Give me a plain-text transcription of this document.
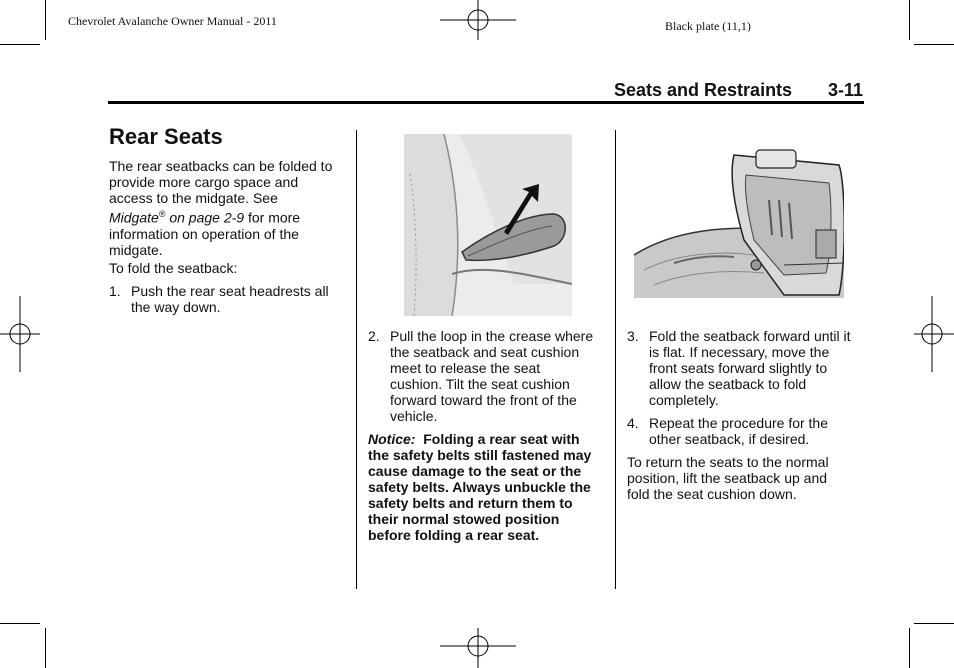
Chevrolet Avalanche Owner Manual - 2011	Black plate (11,1)
Seats and Restraints 3-11
Rear Seats

The rear seatbacks can be folded to

provide more cargo space and

access to the midgate. See

Midgate® on page 2-9 for more

information on operation of the

midgate.

To fold the seatback:

1. Push the rear seat headrests all
the way down.
2. Pull the loop in the crease where
the seatback and seat cushion
meet to release the seat
cushion. Tilt the seat cushion
forward toward the front of the
vehicle.

Notice:  Folding a rear seat with

the safety belts still fastened may

cause damage to the seat or the

safety belts. Always unbuckle the

safety belts and return them to

their normal stowed position

before folding a rear seat.

3. Fold the seatback forward until it
is flat. If necessary, move the
front seats forward slightly to
allow the seatback to fold
completely.
4. Repeat the procedure for the
other seatback, if desired.

To return the seats to the normal

position, lift the seatback up and

fold the seat cushion down.
